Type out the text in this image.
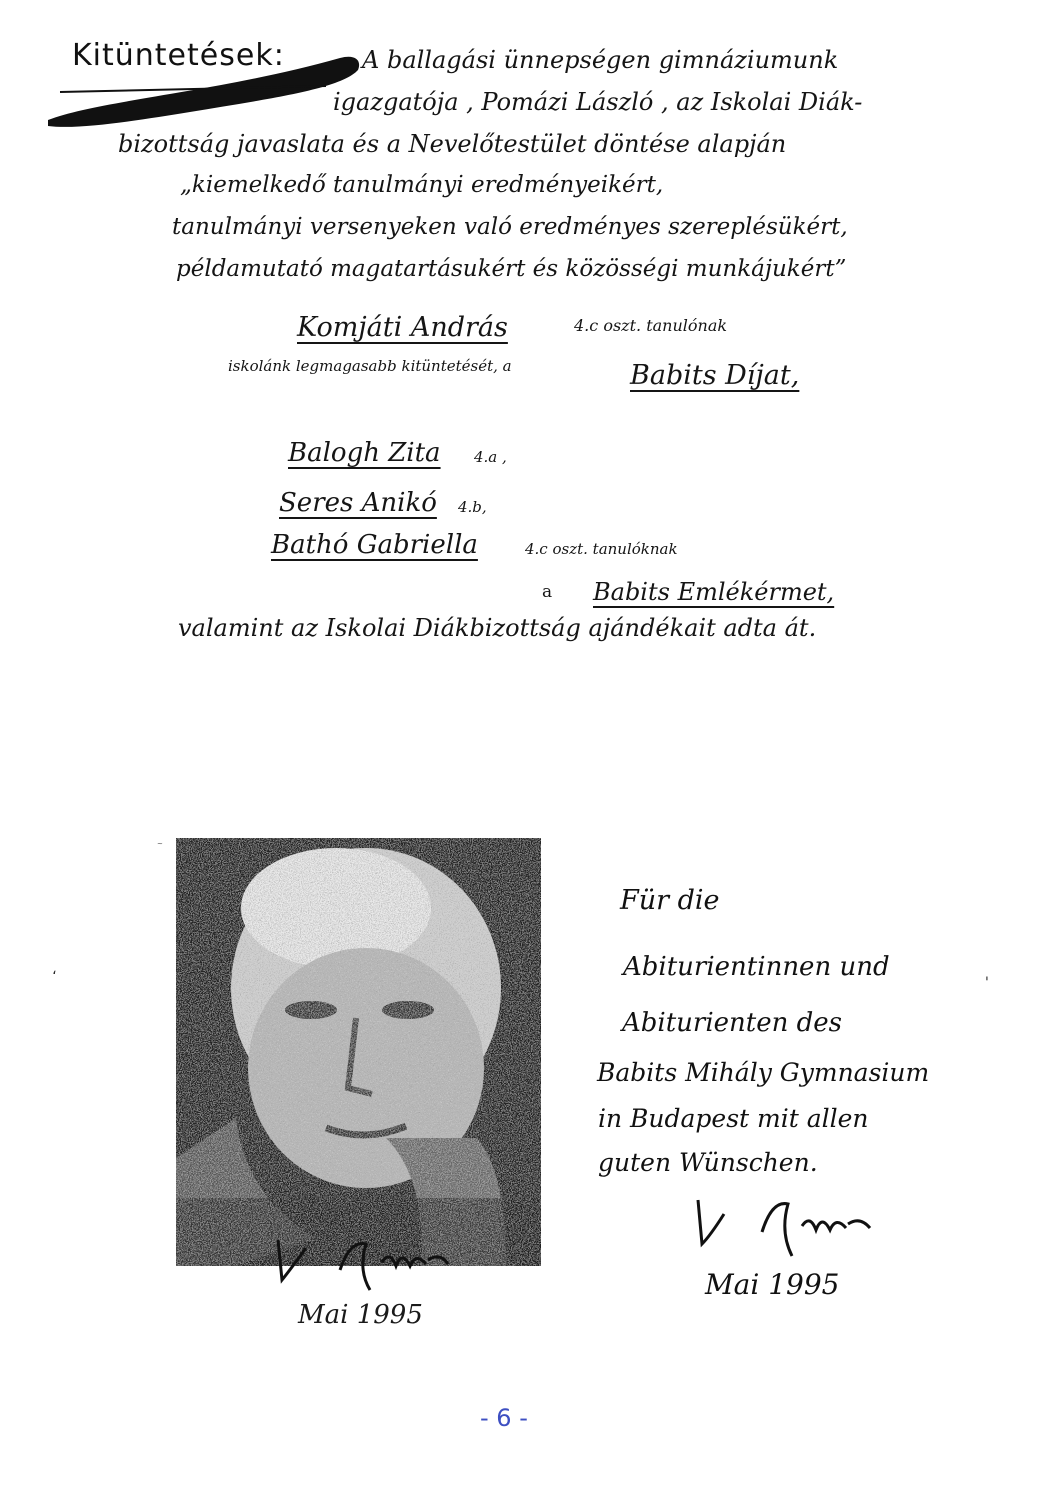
Kitüntetések:	A ballagási ünnepségen gimnáziumunk
igazgatója , Pomázi László , az Iskolai Diák-
bizottság javaslata és a Nevelőtestület döntése alapján
„kiemelkedő tanulmányi eredményeikért,
tanulmányi versenyeken való eredményes szereplésükért,
példamutató magatartásukért és közösségi munkájukért”
Komjáti András	4.c oszt. tanulónak
iskolánk legmagasabb kitüntetését, a	Babits Díjat,
Balogh Zita 4.a ,
Seres Anikó 4.b,
Bathó Gabriella	4.c oszt. tanulóknak
a Babits Emlékérmet,
valamint az Iskolai Diákbizottság ajándékait adta át.
~
Mai 1995
Für die
Abiturientinnen und
Abiturienten des
Babits Mihály Gymnasium
in Budapest mit allen
guten Wünschen.
Mai 1995
- 6 -
،
'
